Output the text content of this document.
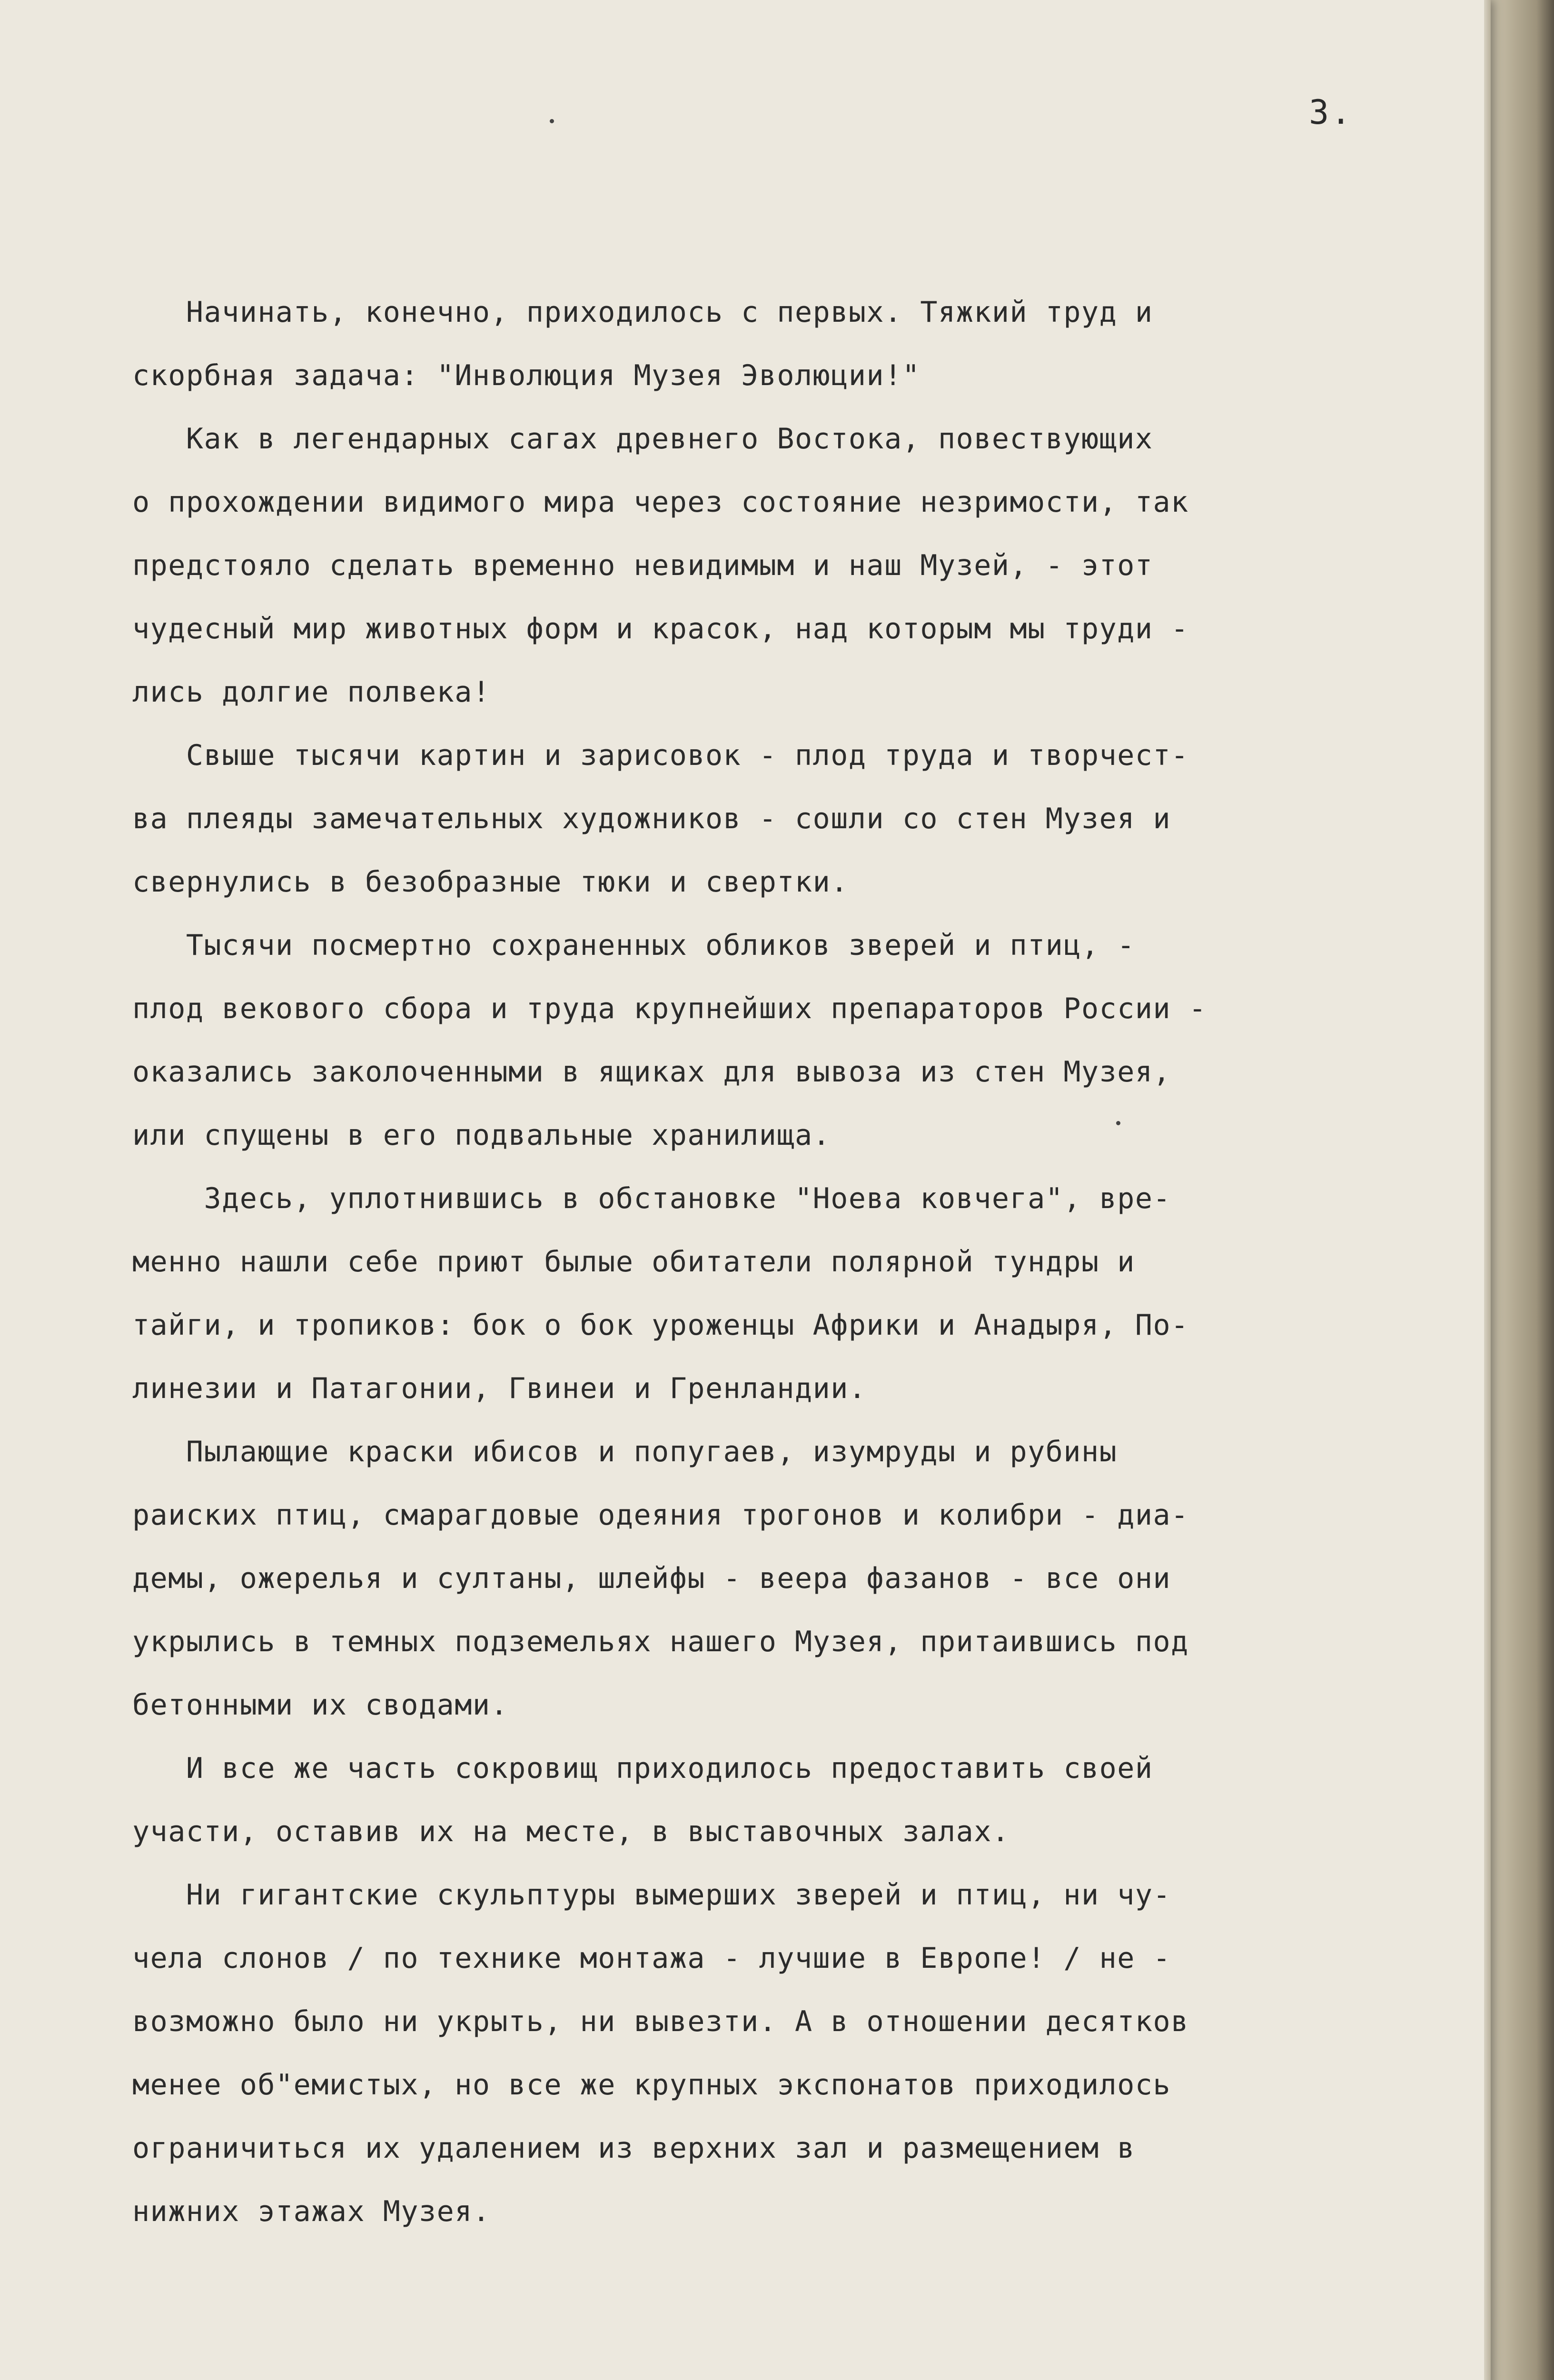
3.
Начинать, конечно, приходилось с первых. Тяжкий труд и
скорбная задача: "Инволюция Музея Эволюции!"
Как в легендарных сагах древнего Востока, повествующих
о прохождении видимого мира через состояние незримости, так
предстояло сделать временно невидимым и наш Музей, - этот
чудесный мир животных форм и красок, над которым мы труди -
лись долгие полвека!
Свыше тысячи картин и зарисовок - плод труда и творчест-
ва плеяды замечательных художников - сошли со стен Музея и
свернулись в безобразные тюки и свертки.
Тысячи посмертно сохраненных обликов зверей и птиц, -
плод векового сбора и труда крупнейших препараторов России -
оказались заколоченными в ящиках для вывоза из стен Музея,
или спущены в его подвальные хранилища.
Здесь, уплотнившись в обстановке "Ноева ковчега", вре-
менно нашли себе приют былые обитатели полярной тундры и
тайги, и тропиков: бок о бок уроженцы Африки и Анадыря, По-
линезии и Патагонии, Гвинеи и Гренландии.
Пылающие краски ибисов и попугаев, изумруды и рубины
раиских птиц, смарагдовые одеяния трогонов и колибри - диа-
демы, ожерелья и султаны, шлейфы - веера фазанов - все они
укрылись в темных подземельях нашего Музея, притаившись под
бетонными их сводами.
И все же часть сокровищ приходилось предоставить своей
участи, оставив их на месте, в выставочных залах.
Ни гигантские скульптуры вымерших зверей и птиц, ни чу-
чела слонов / по технике монтажа - лучшие в Европе! / не -
возможно было ни укрыть, ни вывезти. А в отношении десятков
менее об"емистых, но все же крупных экспонатов приходилось
ограничиться их удалением из верхних зал и размещением в
нижних этажах Музея.
